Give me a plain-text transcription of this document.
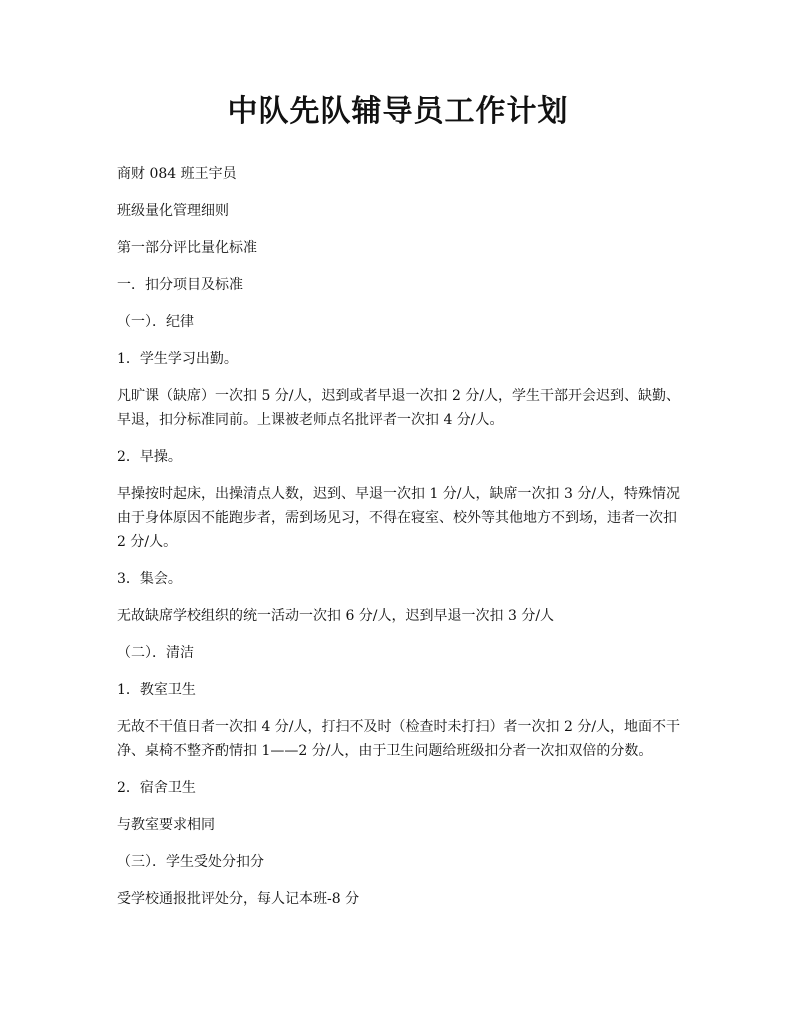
中队先队辅导员工作计划
商财 084 班王宇员
班级量化管理细则
第一部分评比量化标准
一．扣分项目及标准
（一）．纪律
1．学生学习出勤。
凡旷课（缺席）一次扣 5 分/人，迟到或者早退一次扣 2 分/人，学生干部开会迟到、缺勤、早退，扣分标准同前。上课被老师点名批评者一次扣 4 分/人。
2．早操。
早操按时起床，出操清点人数，迟到、早退一次扣 1 分/人，缺席一次扣 3 分/人，特殊情况由于身体原因不能跑步者，需到场见习，不得在寝室、校外等其他地方不到场，违者一次扣 2 分/人。
3．集会。
无故缺席学校组织的统一活动一次扣 6 分/人，迟到早退一次扣 3 分/人
（二）．清洁
1．教室卫生
无故不干值日者一次扣 4 分/人，打扫不及时（检查时未打扫）者一次扣 2 分/人，地面不干净、桌椅不整齐酌情扣 1——2 分/人，由于卫生问题给班级扣分者一次扣双倍的分数。
2．宿舍卫生
与教室要求相同
（三）．学生受处分扣分
受学校通报批评处分，每人记本班-8 分
